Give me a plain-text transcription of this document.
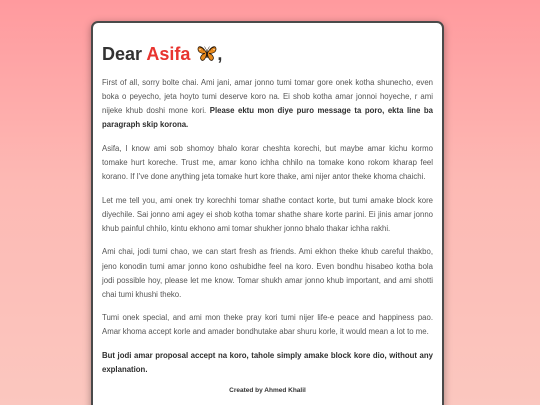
Dear Asifa ,

First of all, sorry bolte chai. Ami jani, amar jonno tumi tomar gore onek kotha shunecho, even boka o peyecho, jeta hoyto tumi deserve koro na. Ei shob kotha amar jonnoi hoyeche, r ami nijeke khub doshi mone kori. Please ektu mon diye puro message ta poro, ekta line ba paragraph skip korona.

Asifa, I know ami sob shomoy bhalo korar cheshta korechi, but maybe amar kichu kormo tomake hurt koreche. Trust me, amar kono ichha chhilo na tomake kono rokom kharap feel korano. If I've done anything jeta tomake hurt kore thake, ami nijer antor theke khoma chaichi.

Let me tell you, ami onek try korechhi tomar shathe contact korte, but tumi amake block kore diyechile. Sai jonno ami agey ei shob kotha tomar shathe share korte parini. Ei jinis amar jonno khub painful chhilo, kintu ekhono ami tomar shukher jonno bhalo thakar ichha rakhi.

Ami chai, jodi tumi chao, we can start fresh as friends. Ami ekhon theke khub careful thakbo, jeno konodin tumi amar jonno kono oshubidhe feel na koro. Even bondhu hisabeo kotha bola jodi possible hoy, please let me know. Tomar shukh amar jonno khub important, and ami shotti chai tumi khushi theko.

Tumi onek special, and ami mon theke pray kori tumi nijer life-e peace and happiness pao. Amar khoma accept korle and amader bondhutake abar shuru korle, it would mean a lot to me.

But jodi amar proposal accept na koro, tahole simply amake block kore dio, without any explanation.

Created by Ahmed Khalil
